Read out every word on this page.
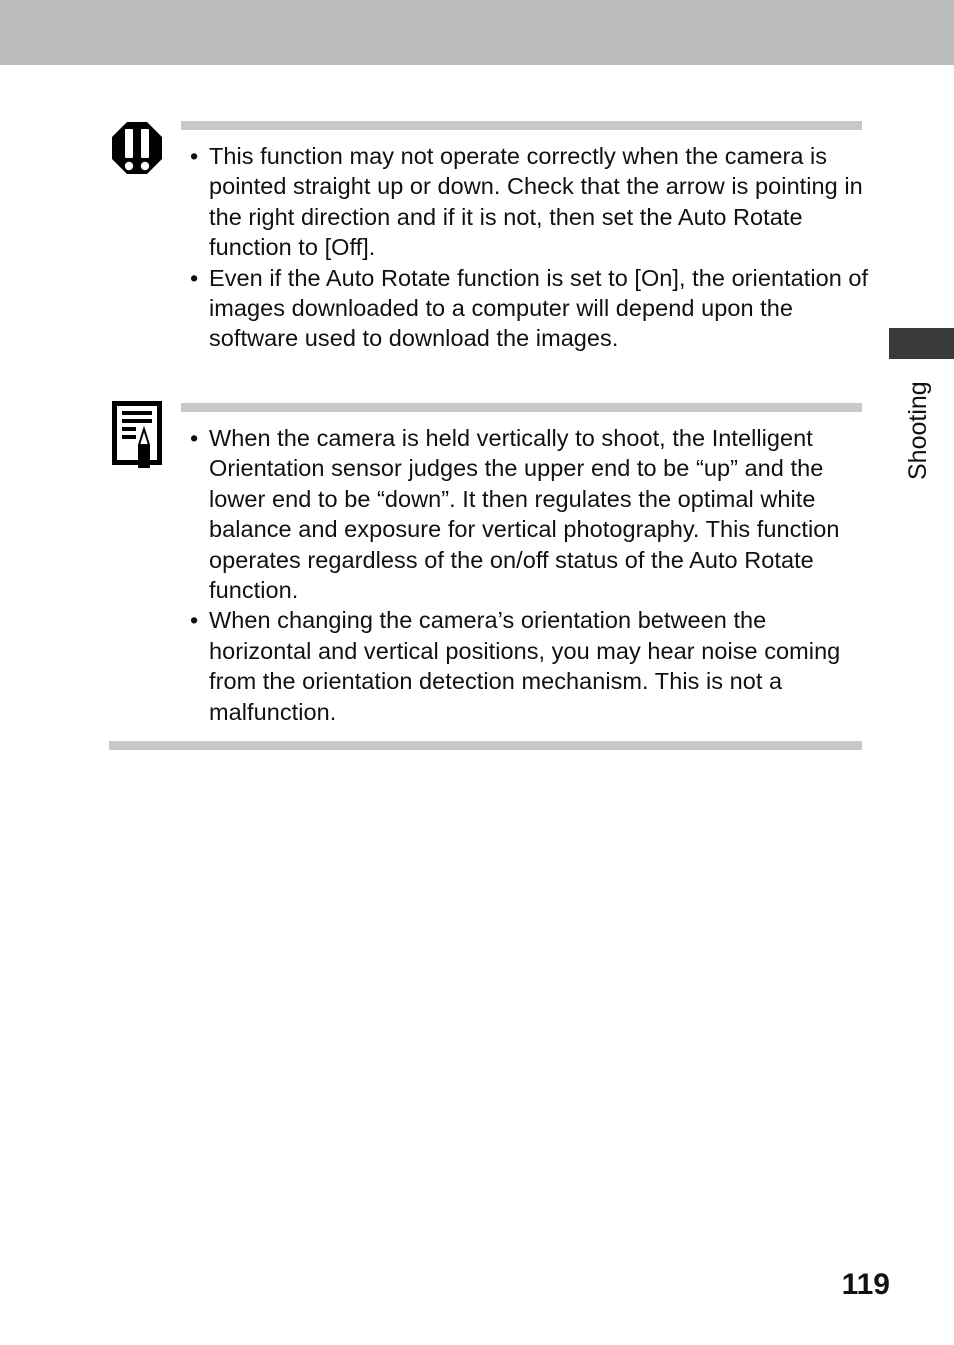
• This function may not operate correctly when the camera is pointed straight up or down. Check that the arrow is pointing in the right direction and if it is not, then set the Auto Rotate function to [Off].
• Even if the Auto Rotate function is set to [On], the orientation of images downloaded to a computer will depend upon the software used to download the images.
• When the camera is held vertically to shoot, the Intelligent Orientation sensor judges the upper end to be “up” and the lower end to be “down”. It then regulates the optimal white balance and exposure for vertical photography. This function operates regardless of the on/off status of the Auto Rotate function.
• When changing the camera’s orientation between the horizontal and vertical positions, you may hear noise coming from the orientation detection mechanism. This is not a malfunction.
Shooting
119
